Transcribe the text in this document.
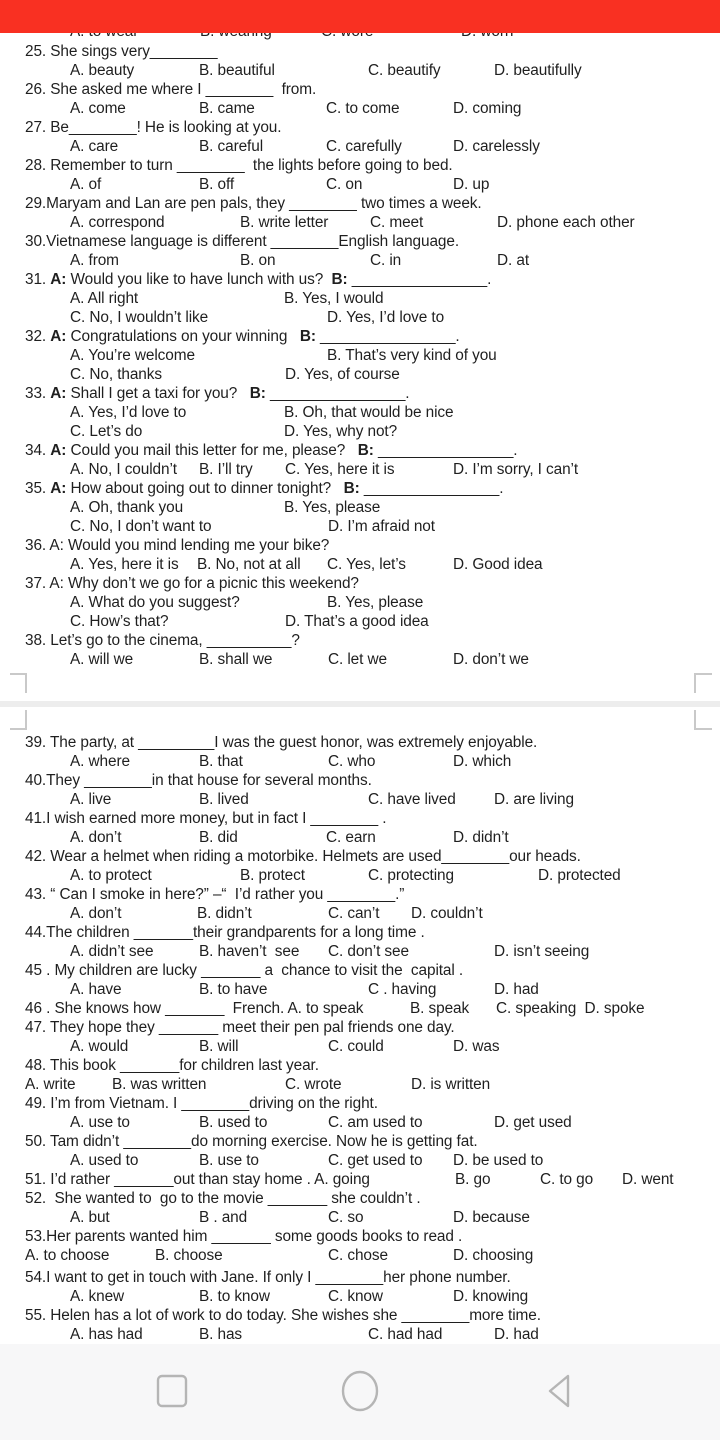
25. She sings very________
A. beauty	B. beautiful	C. beautify	D. beautifully
26. She asked me where I ________  from.
A. come	B. came	C. to come	D. coming
27. Be________! He is looking at you.
A. care	B. careful	C. carefully	D. carelessly
28. Remember to turn ________  the lights before going to bed.
A. of	B. off	C. on	D. up
29.Maryam and Lan are pen pals, they ________ two times a week.
A. correspond	B. write letter	C. meet	D. phone each other
30.Vietnamese language is different ________English language.
A. from	B. on	C. in	D. at
31. A: Would you like to have lunch with us?  B: ________________.
A. All right	B. Yes, I would
C. No, I wouldn’t like	D. Yes, I’d love to
32. A: Congratulations on your winning   B: ________________.
A. You’re welcome	B. That’s very kind of you
C. No, thanks	D. Yes, of course
33. A: Shall I get a taxi for you?   B: ________________.
A. Yes, I’d love to	B. Oh, that would be nice
C. Let’s do	D. Yes, why not?
34. A: Could you mail this letter for me, please?   B: ________________.
A. No, I couldn’t B. I’ll try C. Yes, here it is	D. I’m sorry, I can’t
35. A: How about going out to dinner tonight?   B: ________________.
A. Oh, thank you	B. Yes, please
C. No, I don’t want to	D. I’m afraid not
36. A: Would you mind lending me your bike?
A. Yes, here it is B. No, not at all C. Yes, let’s	D. Good idea
37. A: Why don’t we go for a picnic this weekend?
A. What do you suggest?	B. Yes, please
C. How’s that?	D. That’s a good idea
38. Let’s go to the cinema, __________?
A. will we	B. shall we	C. let we	D. don’t we
39. The party, at _________I was the guest honor, was extremely enjoyable.
A. where	B. that	C. who	D. which
40.They ________in that house for several months.
A. live	B. lived	C. have lived D. are living
41.I wish earned more money, but in fact I ________ .
A. don’t	B. did	C. earn	D. didn’t
42. Wear a helmet when riding a motorbike. Helmets are used________our heads.
A. to protect	B. protect	C. protecting	D. protected
43. “ Can I smoke in here?” –“  I’d rather you ________.”
A. don’t	B. didn’t	C. can’t D. couldn’t
44.The children _______their grandparents for a long time .
A. didn’t see	B. haven’t  see C. don’t see	D. isn’t seeing
45 . My children are lucky _______ a  chance to visit the  capital .
A. have	B. to have	C . having	D. had
46 . She knows how _______  French. A. to speak	B. speak C. speaking  D. spoke
47. They hope they _______ meet their pen pal friends one day.
A. would	B. will	C. could	D. was
48. This book _______for children last year.
A. write B. was written	C. wrote	D. is written
49. I’m from Vietnam. I ________driving on the right.
A. use to	B. used to	C. am used to	D. get used
50. Tam didn’t ________do morning exercise. Now he is getting fat.
A. used to	B. use to	C. get used to D. be used to
51. I’d rather _______out than stay home . A. going	B. go	C. to go D. went
52.  She wanted to  go to the movie _______ she couldn’t .
A. but	B . and	C. so	D. because
53.Her parents wanted him _______ some goods books to read .
A. to choose	B. choose	C. chose	D. choosing
54.I want to get in touch with Jane. If only I ________her phone number.
A. knew	B. to know	C. know	D. knowing
55. Helen has a lot of work to do today. She wishes she ________more time.
A. has had	B. has	C. had had	D. had
